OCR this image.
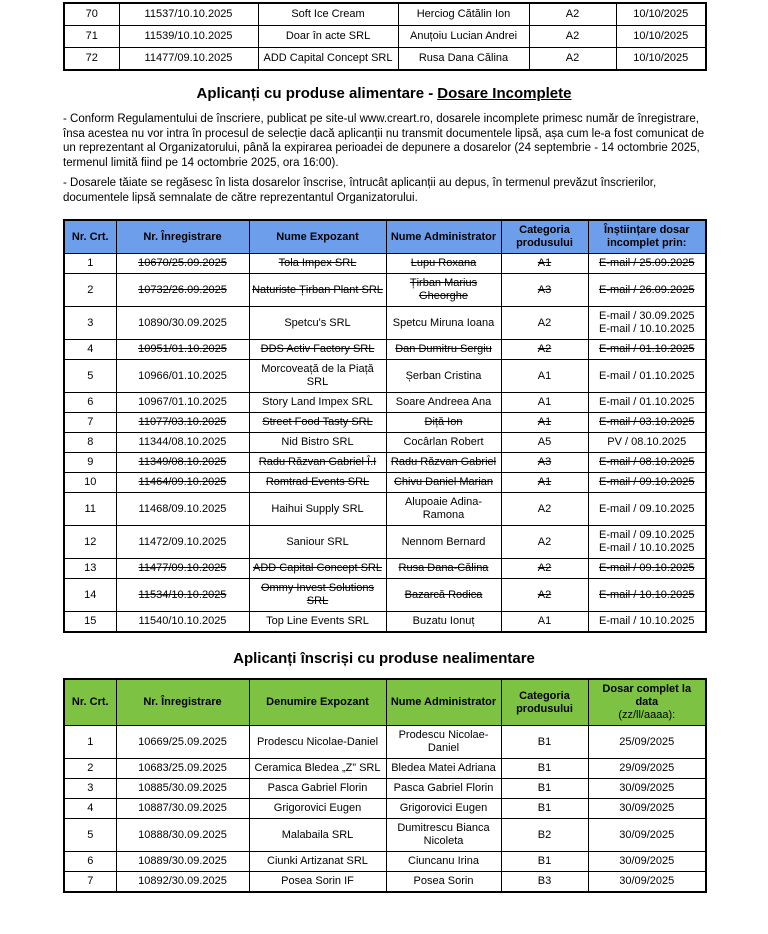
70	11537/10.10.2025	Soft Ice Cream	Herciog Cătălin Ion	A2	10/10/2025
71	11539/10.10.2025	Doar în acte SRL	Anuțoiu Lucian Andrei	A2	10/10/2025
72	11477/09.10.2025	ADD Capital Concept SRL	Rusa Dana Călina	A2	10/10/2025
Aplicanți cu produse alimentare - Dosare Incomplete

- Conform Regulamentului de înscriere, publicat pe site-ul www.creart.ro, dosarele incomplete primesc număr de înregistrare, însa acestea nu vor intra în procesul de selecție dacă aplicanții nu transmit documentele lipsă, așa cum le-a fost comunicat de un reprezentant al Organizatorului, până la expirarea perioadei de depunere a dosarelor (24 septembrie - 14 octombrie 2025, termenul limită fiind pe 14 octombrie 2025, ora 16:00).

- Dosarele tăiate se regăsesc în lista dosarelor înscrise, întrucât aplicanții au depus, în termenul prevăzut înscrierilor, documentele lipsă semnalate de către reprezentantul Organizatorului.

Nr. Crt.	Nr. Înregistrare	Nume Expozant	Nume Administrator	Categoria produsului	Înștiințare dosar incomplet prin:
1	10670/25.09.2025	Tola Impex SRL	Lupu Roxana	A1	E-mail / 25.09.2025

2	10732/26.09.2025	Naturiste Țirban Plant SRL	Țirban Marius Gheorghe	A3	E-mail / 26.09.2025

3	10890/30.09.2025	Spetcu's SRL	Spetcu Miruna Ioana	A2	E-mail / 30.09.2025
E-mail / 10.10.2025

4	10951/01.10.2025	DDS Activ Factory SRL	Dan Dumitru Sergiu	A2	E-mail / 01.10.2025

5	10966/01.10.2025	Morcoveață de la Piață SRL	Șerban Cristina	A1	E-mail / 01.10.2025

6	10967/01.10.2025	Story Land Impex SRL	Soare Andreea Ana	A1	E-mail / 01.10.2025

7	11077/03.10.2025	Street Food Tasty SRL	Diță Ion	A1	E-mail / 03.10.2025

8	11344/08.10.2025	Nid Bistro SRL	Cocârlan Robert	A5	PV / 08.10.2025

9	11349/08.10.2025	Radu Răzvan Gabriel Î.I	Radu Răzvan Gabriel	A3	E-mail / 08.10.2025

10	11464/09.10.2025	Romtrad Events SRL	Chivu Daniel Marian	A1	E-mail / 09.10.2025

11	11468/09.10.2025	Haihui Supply SRL	Alupoaie Adina-Ramona	A2	E-mail / 09.10.2025

12	11472/09.10.2025	Saniour SRL	Nennom Bernard	A2	E-mail / 09.10.2025
E-mail / 10.10.2025

13	11477/09.10.2025	ADD Capital Concept SRL	Rusa Dana-Călina	A2	E-mail / 09.10.2025

14	11534/10.10.2025	Ommy Invest Solutions SRL	Bazarcă Rodica	A2	E-mail / 10.10.2025

15	11540/10.10.2025	Top Line Events SRL	Buzatu Ionuț	A1	E-mail / 10.10.2025
Aplicanți înscriși cu produse nealimentare
Nr. Crt.	Nr. Înregistrare	Denumire Expozant	Nume Administrator	Categoria produsului	Dosar complet la data
(zz/ll/aaaa):

1	10669/25.09.2025	Prodescu Nicolae-Daniel	Prodescu Nicolae-Daniel	B1	25/09/2025
2	10683/25.09.2025	Ceramica Bledea „Z” SRL	Bledea Matei Adriana	B1	29/09/2025
3	10885/30.09.2025	Pasca Gabriel Florin	Pasca Gabriel Florin	B1	30/09/2025
4	10887/30.09.2025	Grigorovici Eugen	Grigorovici Eugen	B1	30/09/2025
5	10888/30.09.2025	Malabaila SRL	Dumitrescu Bianca Nicoleta	B2	30/09/2025
6	10889/30.09.2025	Ciunki Artizanat SRL	Ciuncanu Irina	B1	30/09/2025
7	10892/30.09.2025	Posea Sorin IF	Posea Sorin	B3	30/09/2025
